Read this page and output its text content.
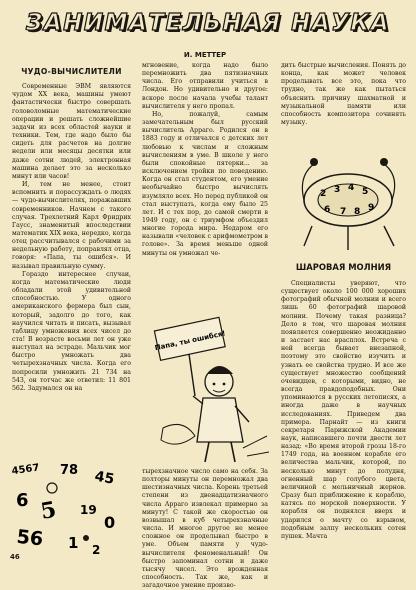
ЗАНИМАТЕЛЬНАЯ НАУКА
И. МЕТТЕР
ЧУДО-ВЫЧИСЛИТЕЛИ

Современные ЭВМ являются чудом XX века, машины умеют фантастически быстро совершать головоломные математические операции и решать сложнейшие задачи из всех областей науки и техники. Тем, где надо было бы сидеть для расчетов на долгие недели или месяцы десятки или даже сотни людей, электронная машина делает это за несколько минут или часов!

И, тем не менее, стоит вспомнить и порассуждать о людях — чудо-вычислителях, поражавших современников. Начнем с такого случая. Трехлетний Карл Фридрих Гаусс, знаменитый впоследствии математик XIX века, нередко, когда отец рассчитывался с рабочими за недельную работу, поправлял отца, говоря: «Папа, ты ошибся». И называл правильную сумму.

Гораздо интереснее случаи, когда математические люди обладали этой удивительной способностью. У одного американского фермера был сын, который, задолго до того, как научился читать и писать, вызывал таблицу умножения всех чисел до ста! В возрасте восьми лет он уже выступал на эстраде. Мальчик мог быстро умножать два четырехзначных числа. Когда его попросили умножить 21 734 на 543, он тотчас же ответил: 11 801 562. Задумался он на

мгновение, когда надо было перемножить два пятизначных числа. Его отправили учиться в Лондон. Но удивительно и другое: вскоре после начала учебы талант вычислителя у него пропал.

Но, пожалуй, самым замечательным был русский вычислитель Арраго. Родился он в 1883 году и отличался с детских лет любовью к числам и сложным вычислениям в уме. В школе у него были спокойные пятерки... за исключением тройки по поведению. Когда он стал студентом, его умение необычайно быстро вычислять изумляло всех. Но перед публикой он стал выступать, когда ему было 25 лет. И с тех пор, до самой смерти в 1949 году, он с триумфом объездил многие города мира. Недаром его называли «человек с арифмометром в голове». За время меньше одной минуты он умножал че-

тырехзначное число само на себя. За полторы минуты он перемножал два шестизначных числа. Корень третьей степени из двенадцатизначного числа Арраго извлекал примерно за минуту! С такой же скоростью он возвышал в куб четырехзначные числа. И многое другое не менее сложное он проделывал быстро в уме. Объем памяти у чудо-вычислителя феноменальный! Он быстро запоминал сотни и даже тысячу чисел. Это врожденная способность. Так же, как и загадочное умение произво-

дить быстрые вычисления. Понять до конца, как может человек проделывать все это, пока что трудно, так же как пытаться объяснить причину шахматной и музыкальной памяти или способность композитора сочинять музыку.

ШАРОВАЯ МОЛНИЯ

Специалисты уверяют, что существует около 100 000 хороших фотографий обычной молнии и всего лишь 60 фотографий шаровой молнии. Почему такая разница? Дело в том, что шаровая молния появляется совершенно неожиданно и застает нас врасплох. Встреча с ней всегда бывает внезапной, поэтому это свойство изучить и узнать ее свойства трудно. И все же существует множество сообщений очевидцев, с которыми, видно, не всегда правдоподобных. Они упоминаются в русских летописях, а иногда даже в научных исследованиях. Приведем два примера. Парнайт — из книги секретаря Парижской Академии наук, написавшего почти двести лет назад: «Во время второй грозы 18-го 1749 года, на военном корабле его величества мальчик, которой, по несколько минут до полудня, огненный шар голубого цвета, величиной с мельничный жернов. Сразу был приближение к кораблю, катясь по морской поверхности. У корабля он поднялся вверх и ударился о мачту со взрывом, подобным залпу нескольких сотен пушек. Мачта

4567 78 45
6 5 19
0
56 1 2
Папа, ты ошибся!
2 3 4 5
6 7 8 9
46
